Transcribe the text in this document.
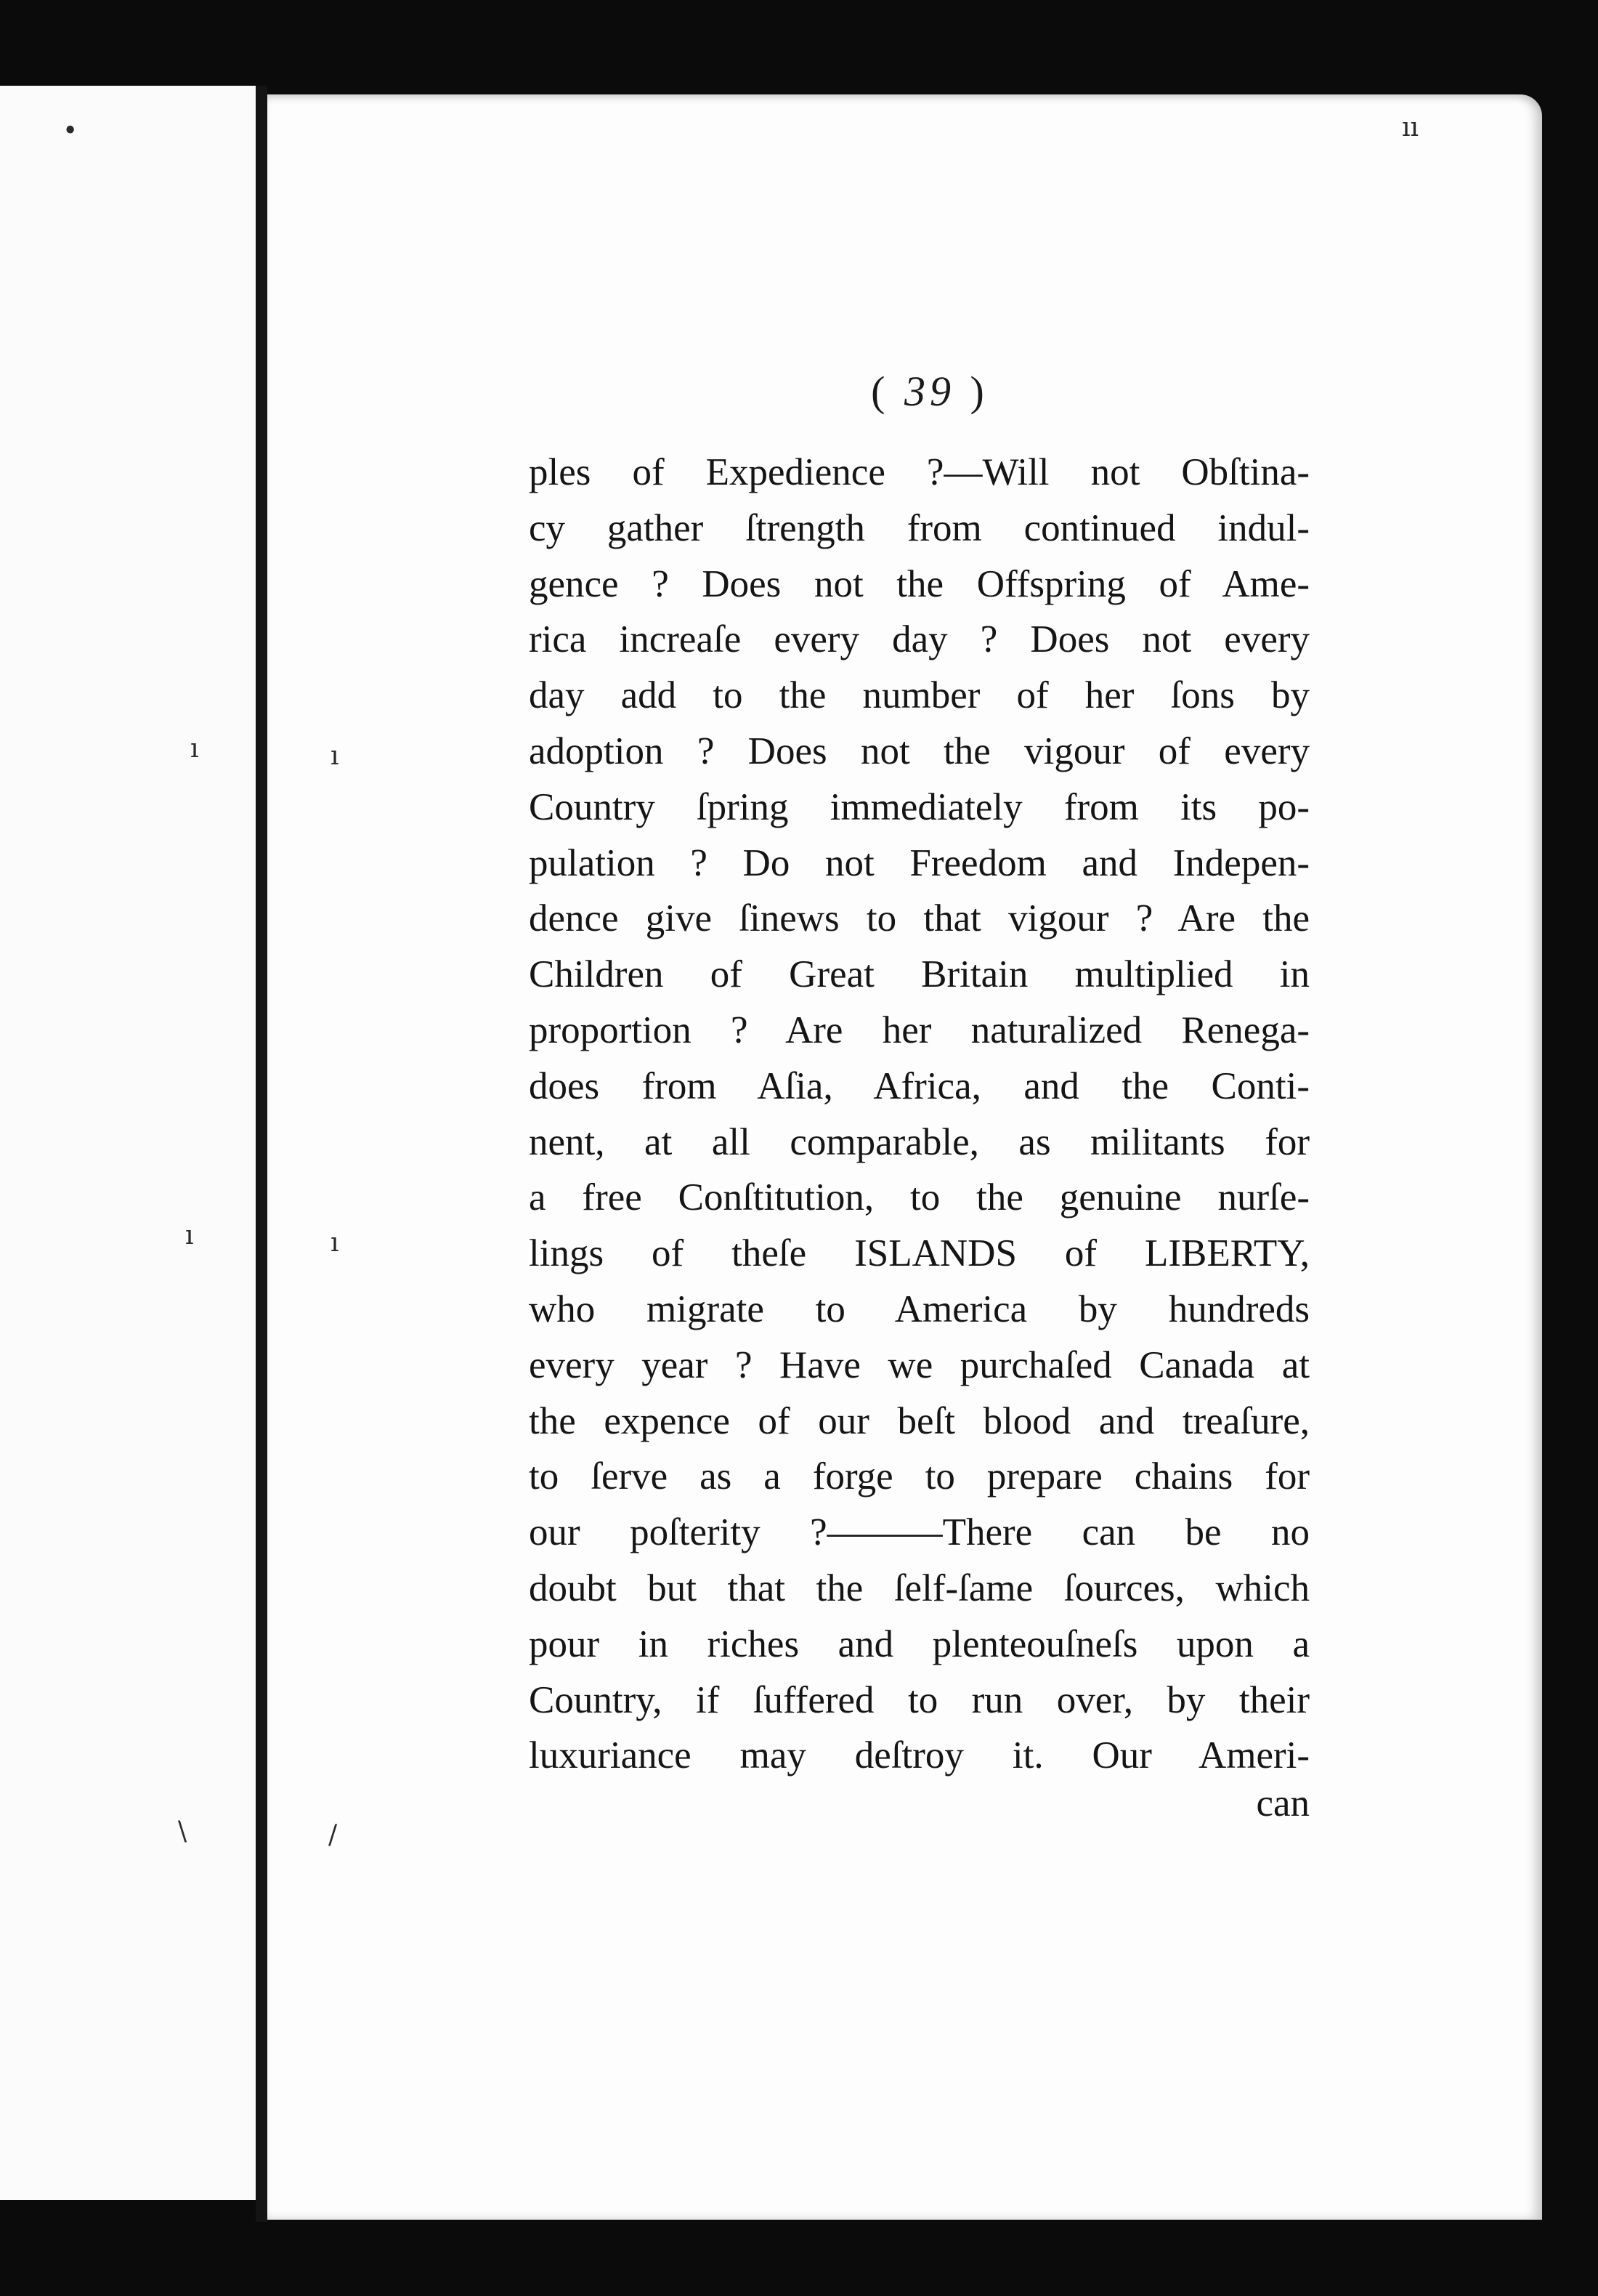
•
ı	ı
ı	ı
\	/
ıı
( 39 )
ples of Expedience ?—Will not Obſtina-
cy gather ſtrength from continued indul-
gence ? Does not the Offspring of Ame-
rica increaſe every day ? Does not every
day add to the number of her ſons by
adoption ? Does not the vigour of every
Country ſpring immediately from its po-
pulation ? Do not Freedom and Indepen-
dence give ſinews to that vigour ? Are the
Children of Great Britain multiplied in
proportion ? Are her naturalized Renega-
does from Aſia, Africa, and the Conti-
nent, at all comparable, as militants for
a free Conſtitution, to the genuine nurſe-
lings of theſe ISLANDS of LIBERTY,
who migrate to America by hundreds
every year ? Have we purchaſed Canada at
the expence of our beſt blood and treaſure,
to ſerve as a forge to prepare chains for
our poſterity ?———There can be no
doubt but that the ſelf-ſame ſources, which
pour in riches and plenteouſneſs upon a
Country, if ſuffered to run over, by their
luxuriance may deſtroy it. Our Ameri-
can
